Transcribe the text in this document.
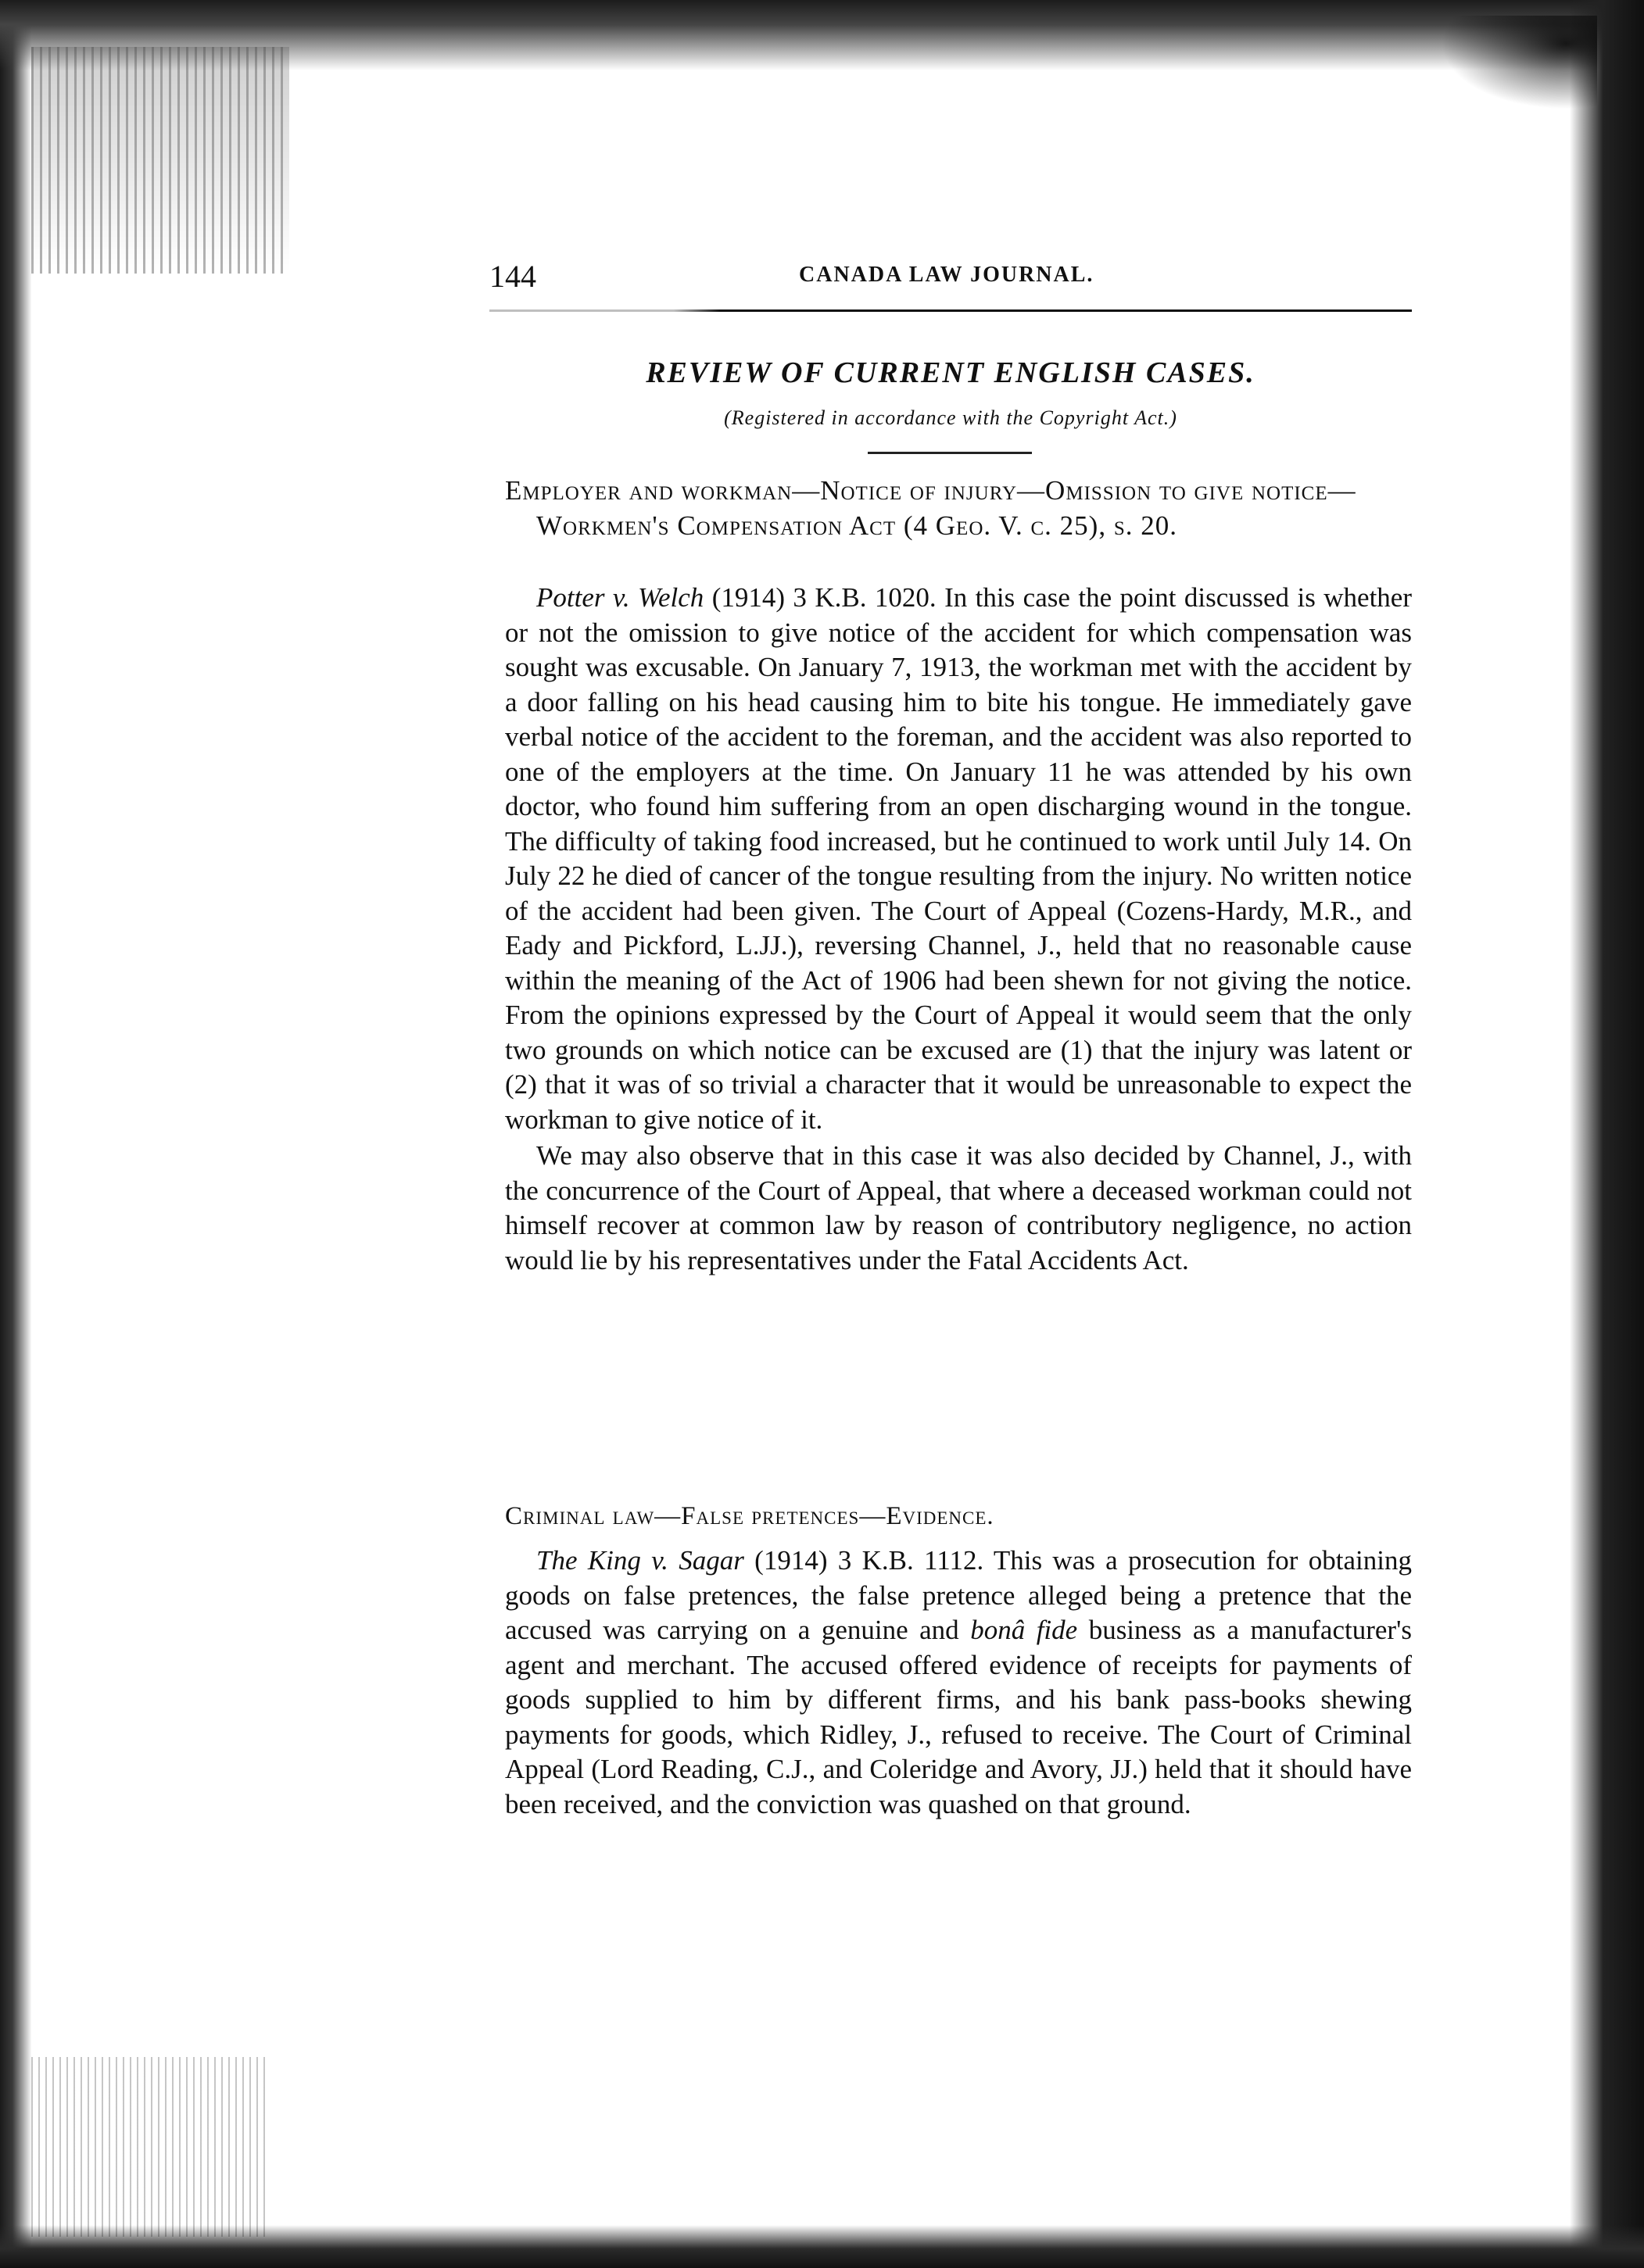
144	CANADA LAW JOURNAL.
REVIEW OF CURRENT ENGLISH CASES.
(Registered in accordance with the Copyright Act.)
Employer and workman—Notice of injury—Omission to give notice—Workmen's Compensation Act (4 Geo. V. c. 25), s. 20.

Potter v. Welch (1914) 3 K.B. 1020. In this case the point discussed is whether or not the omission to give notice of the accident for which compensation was sought was excusable. On January 7, 1913, the workman met with the accident by a door falling on his head causing him to bite his tongue. He immediately gave verbal notice of the accident to the foreman, and the accident was also reported to one of the employers at the time. On January 11 he was attended by his own doctor, who found him suffering from an open discharging wound in the tongue. The difficulty of taking food increased, but he continued to work until July 14. On July 22 he died of cancer of the tongue resulting from the injury. No written notice of the accident had been given. The Court of Appeal (Cozens-Hardy, M.R., and Eady and Pickford, L.JJ.), reversing Channel, J., held that no reasonable cause within the meaning of the Act of 1906 had been shewn for not giving the notice. From the opinions expressed by the Court of Appeal it would seem that the only two grounds on which notice can be excused are (1) that the injury was latent or (2) that it was of so trivial a character that it would be unreasonable to expect the workman to give notice of it.

We may also observe that in this case it was also decided by Channel, J., with the concurrence of the Court of Appeal, that where a deceased workman could not himself recover at common law by reason of contributory negligence, no action would lie by his representatives under the Fatal Accidents Act.

Criminal law—False pretences—Evidence.

The King v. Sagar (1914) 3 K.B. 1112. This was a prosecution for obtaining goods on false pretences, the false pretence alleged being a pretence that the accused was carrying on a genuine and bonâ fide business as a manufacturer's agent and merchant. The accused offered evidence of receipts for payments of goods supplied to him by different firms, and his bank pass-books shewing payments for goods, which Ridley, J., refused to receive. The Court of Criminal Appeal (Lord Reading, C.J., and Coleridge and Avory, JJ.) held that it should have been received, and the conviction was quashed on that ground.
